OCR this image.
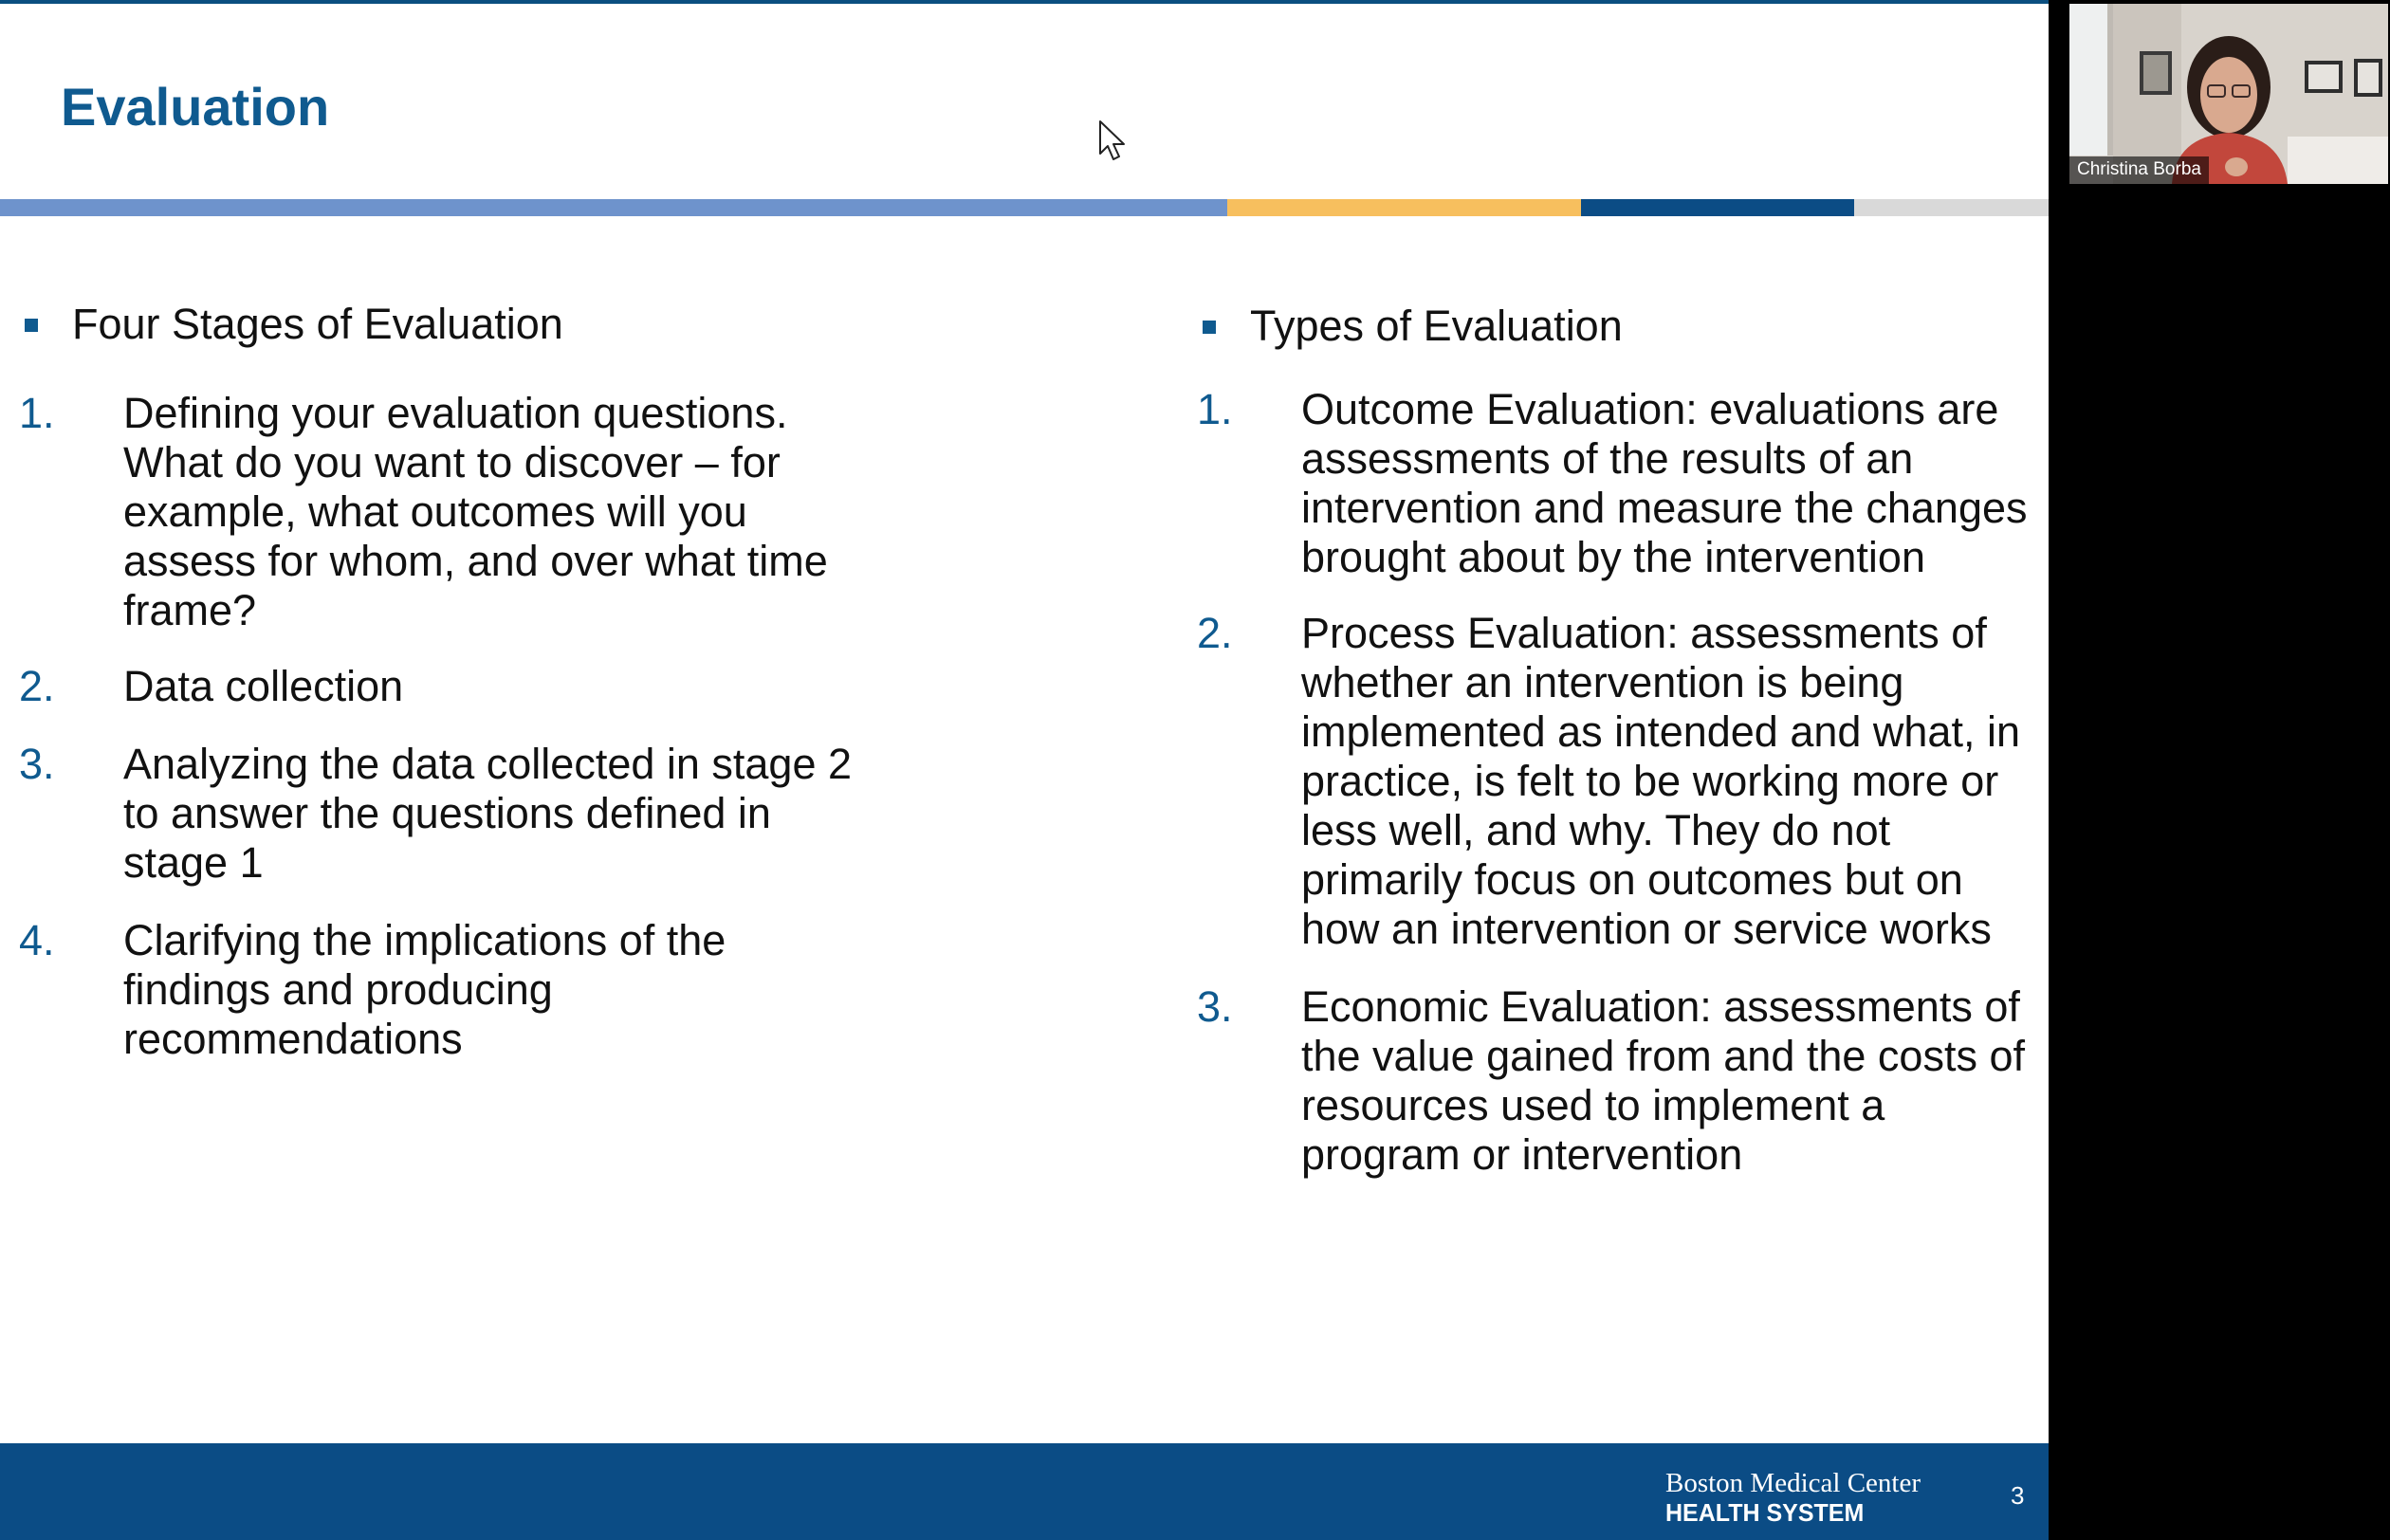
Evaluation
Four Stages of Evaluation
1. Defining your evaluation questions. What do you want to discover – for example, what outcomes will you assess for whom, and over what time frame?
2. Data collection
3. Analyzing the data collected in stage 2 to answer the questions defined in stage 1
4. Clarifying the implications of the findings and producing recommendations
Types of Evaluation
1. Outcome Evaluation: evaluations are assessments of the results of an intervention and measure the changes brought about by the intervention
2. Process Evaluation: assessments of whether an intervention is being implemented as intended and what, in practice, is felt to be working more or less well, and why. They do not primarily focus on outcomes but on how an intervention or service works
3. Economic Evaluation: assessments of the value gained from and the costs of resources used to implement a program or intervention
Boston Medical Center
HEALTH SYSTEM
3
Christina Borba
